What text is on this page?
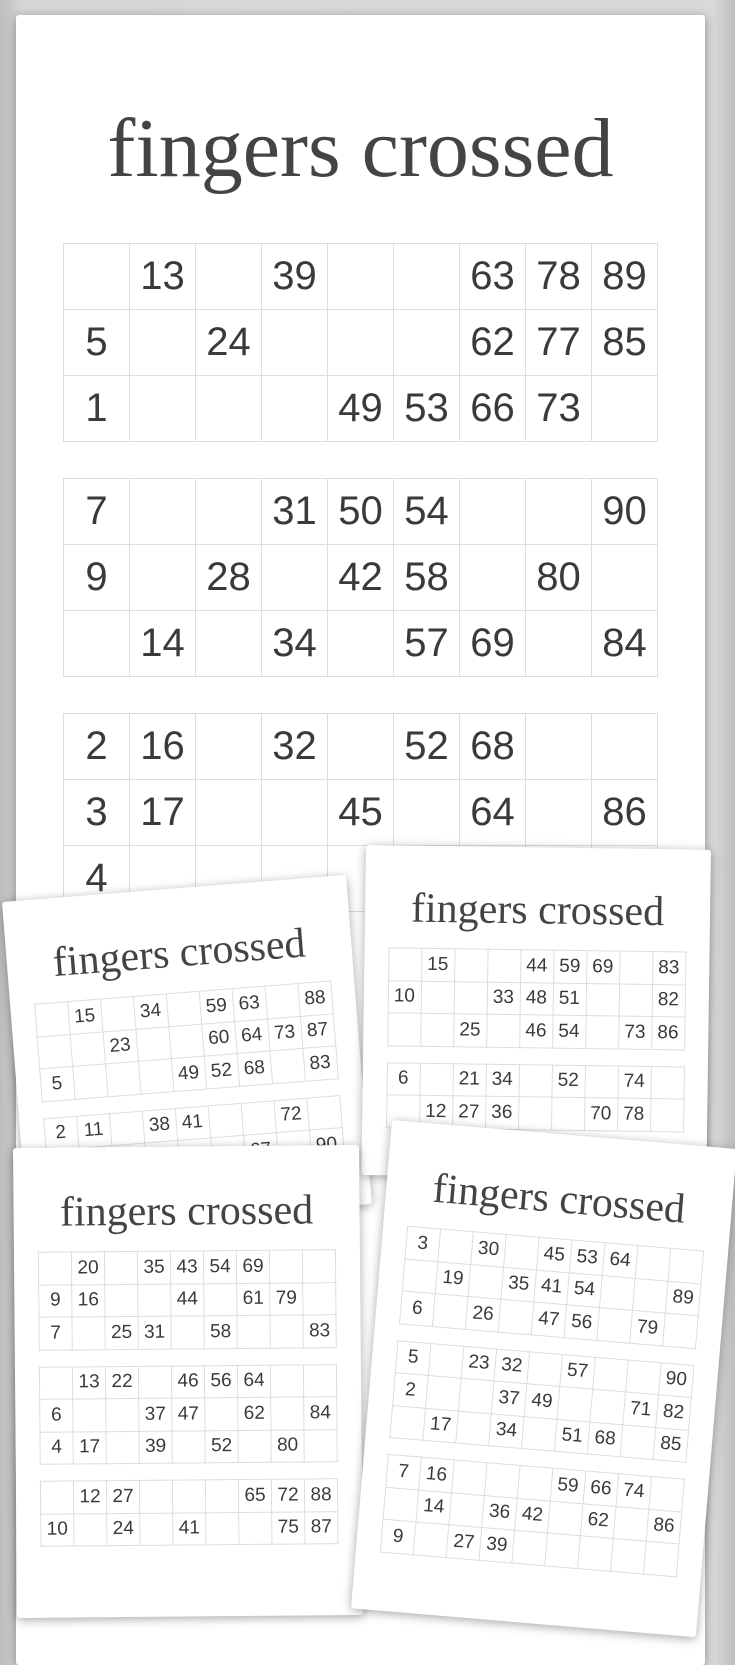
fingers crossed
	13		39			63	78	89
5		24				62	77	85
1				49	53	66	73	
7			31	50	54			90
9		28		42	58		80	
	14		34		57	69		84
2	16		32		52	68		
3	17			45		64		86
4								
fingers crossed
	15		34		59	63		88
		23			60	64	73	87
5				49	52	68		83
2	11		38	41			72	

fingers crossed
	15			44	59	69		83
10			33	48	51			82
		25		46	54		73	86
6		21	34		52		74	
	12	27	36			70	78	
fingers crossed
	20		35	43	54	69		
9	16			44		61	79	
7		25	31		58			83
	13	22		46	56	64		
6			37	47		62		84
4	17		39		52		80	
	12	27				65	72	88
10		24		41			75	87
fingers crossed
3		30		45	53	64		
	19		35	41	54			89
6		26		47	56		79	
5		23	32		57			90
2			37	49			71	82
	17		34		51	68		85
7	16				59	66	74	
	14		36	42		62		86
9		27	39					
